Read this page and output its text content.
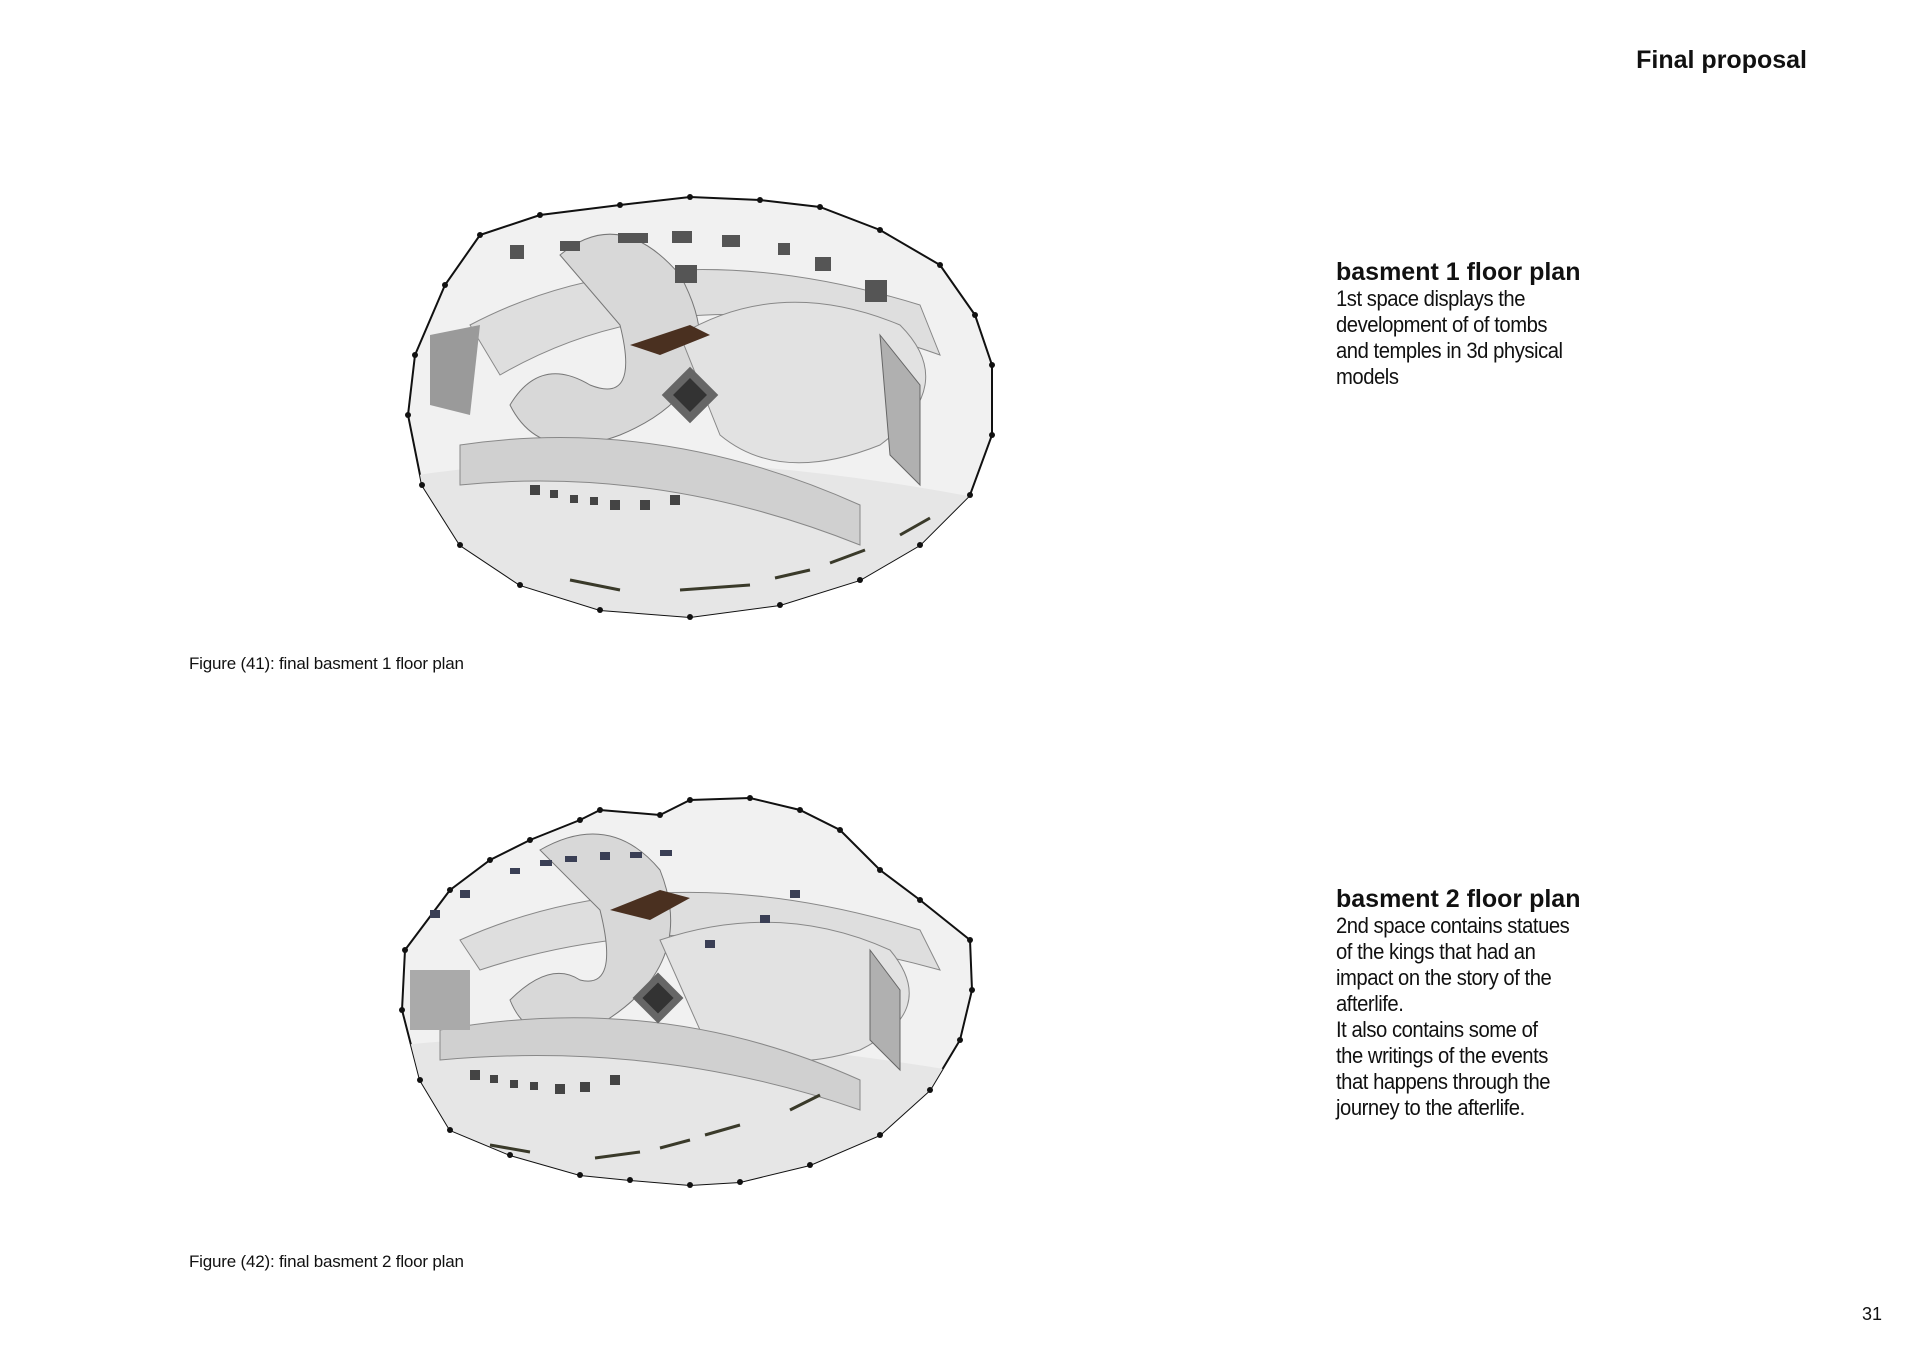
Final proposal
Figure (41): final basment 1 floor plan
basment 1 floor plan

1st space displays the

development of of tombs

and temples in 3d physical

models

Figure (42): final basment 2 floor plan
basment 2 floor plan

2nd space contains statues

of the kings that had an

impact on the story of the

afterlife.

It also contains some of

the writings of the events

that happens through the

journey to the afterlife.

31
